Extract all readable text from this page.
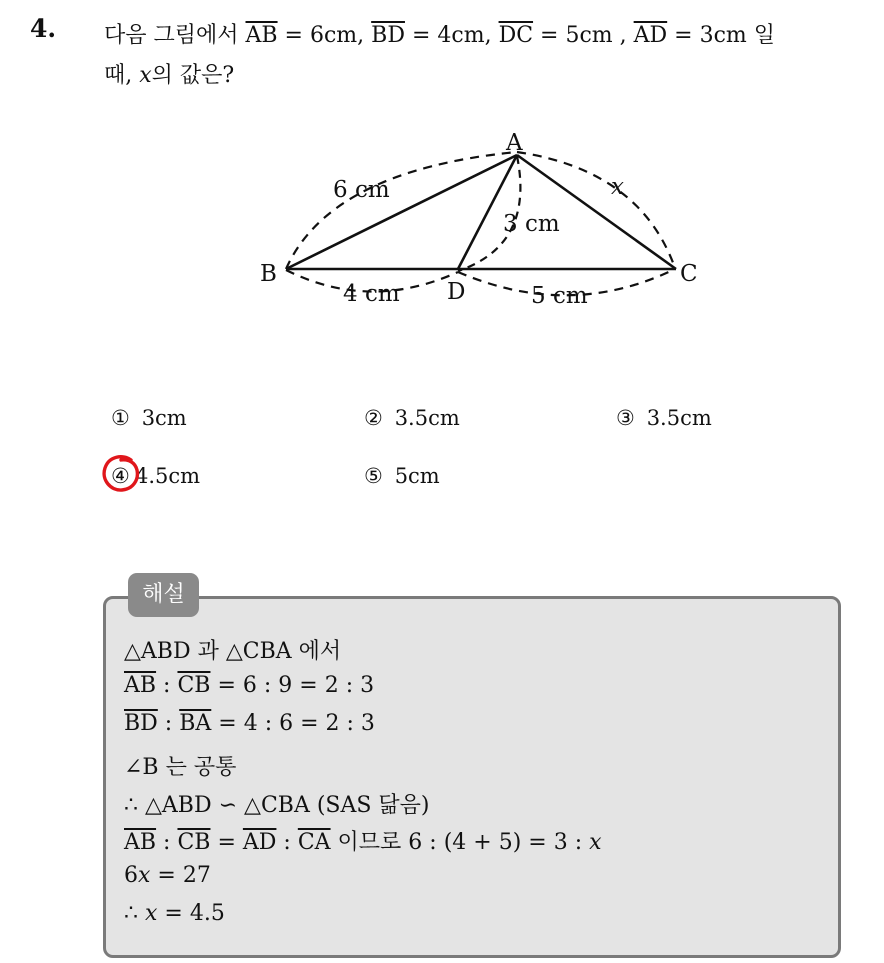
4. 다음 그림에서 $\overline{AB} = 6cm$, $\overline{BD} = 4cm$, $\overline{DC} = 5cm$ , $\overline{AD} = 3cm$ 일
때, x의 값은?
A
B	C
D
6 cm
3 cm
4 cm	5 cm
x
① 3cm	② 3.5cm	③ 3.5cm
④ 4.5cm	⑤ 5cm
해설
△ABD 과 △CBA 에서
$\overline{AB}$ : $\overline{CB} = 6$ : 9 = 2 : 3
$\overline{BD}$ : $\overline{BA} = 4$ : 6 = 2 : 3
∠B 는 공통
∴ △ABD ∽ △CBA (SAS 닮음)
$\overline{AB}$ : $\overline{CB} = \overline{AD}$ : $\overline{CA}$ 이므로 6 : (4 + 5) = 3 : x
6x = 27
∴ x = 4.5
